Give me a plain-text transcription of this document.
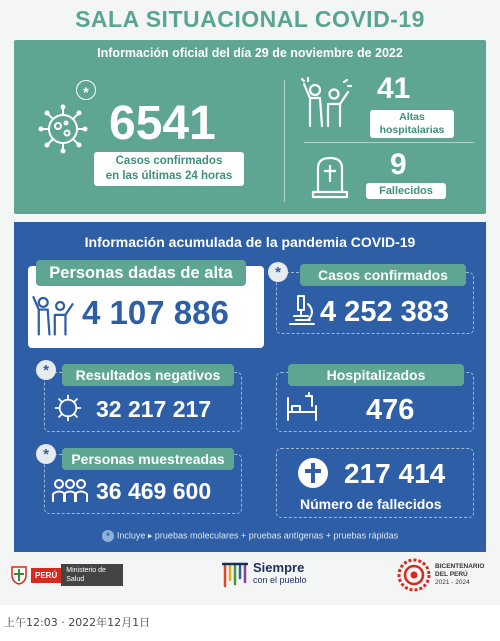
SALA SITUACIONAL COVID-19
Información oficial del día 29 de noviembre de 2022
*
6541
Casos confirmados
en las últimas 24 horas
41
Altas
hospitalarias
9
Fallecidos
Información acumulada de la pandemia COVID-19
Personas dadas de alta
4 107 886
*	Casos confirmados
4 252 383
*	Resultados negativos
32 217 217
Hospitalizados
476
*	Personas muestreadas
36 469 600
217 414
Número de fallecidos
* Incluye ▸ pruebas moleculares + pruebas antígenas + pruebas rápidas
PERÚ	Ministerio de Salud
Siempre
con el pueblo
BICENTENARIO
DEL PERÚ
2021 - 2024
上午12:03 · 2022年12月1日
